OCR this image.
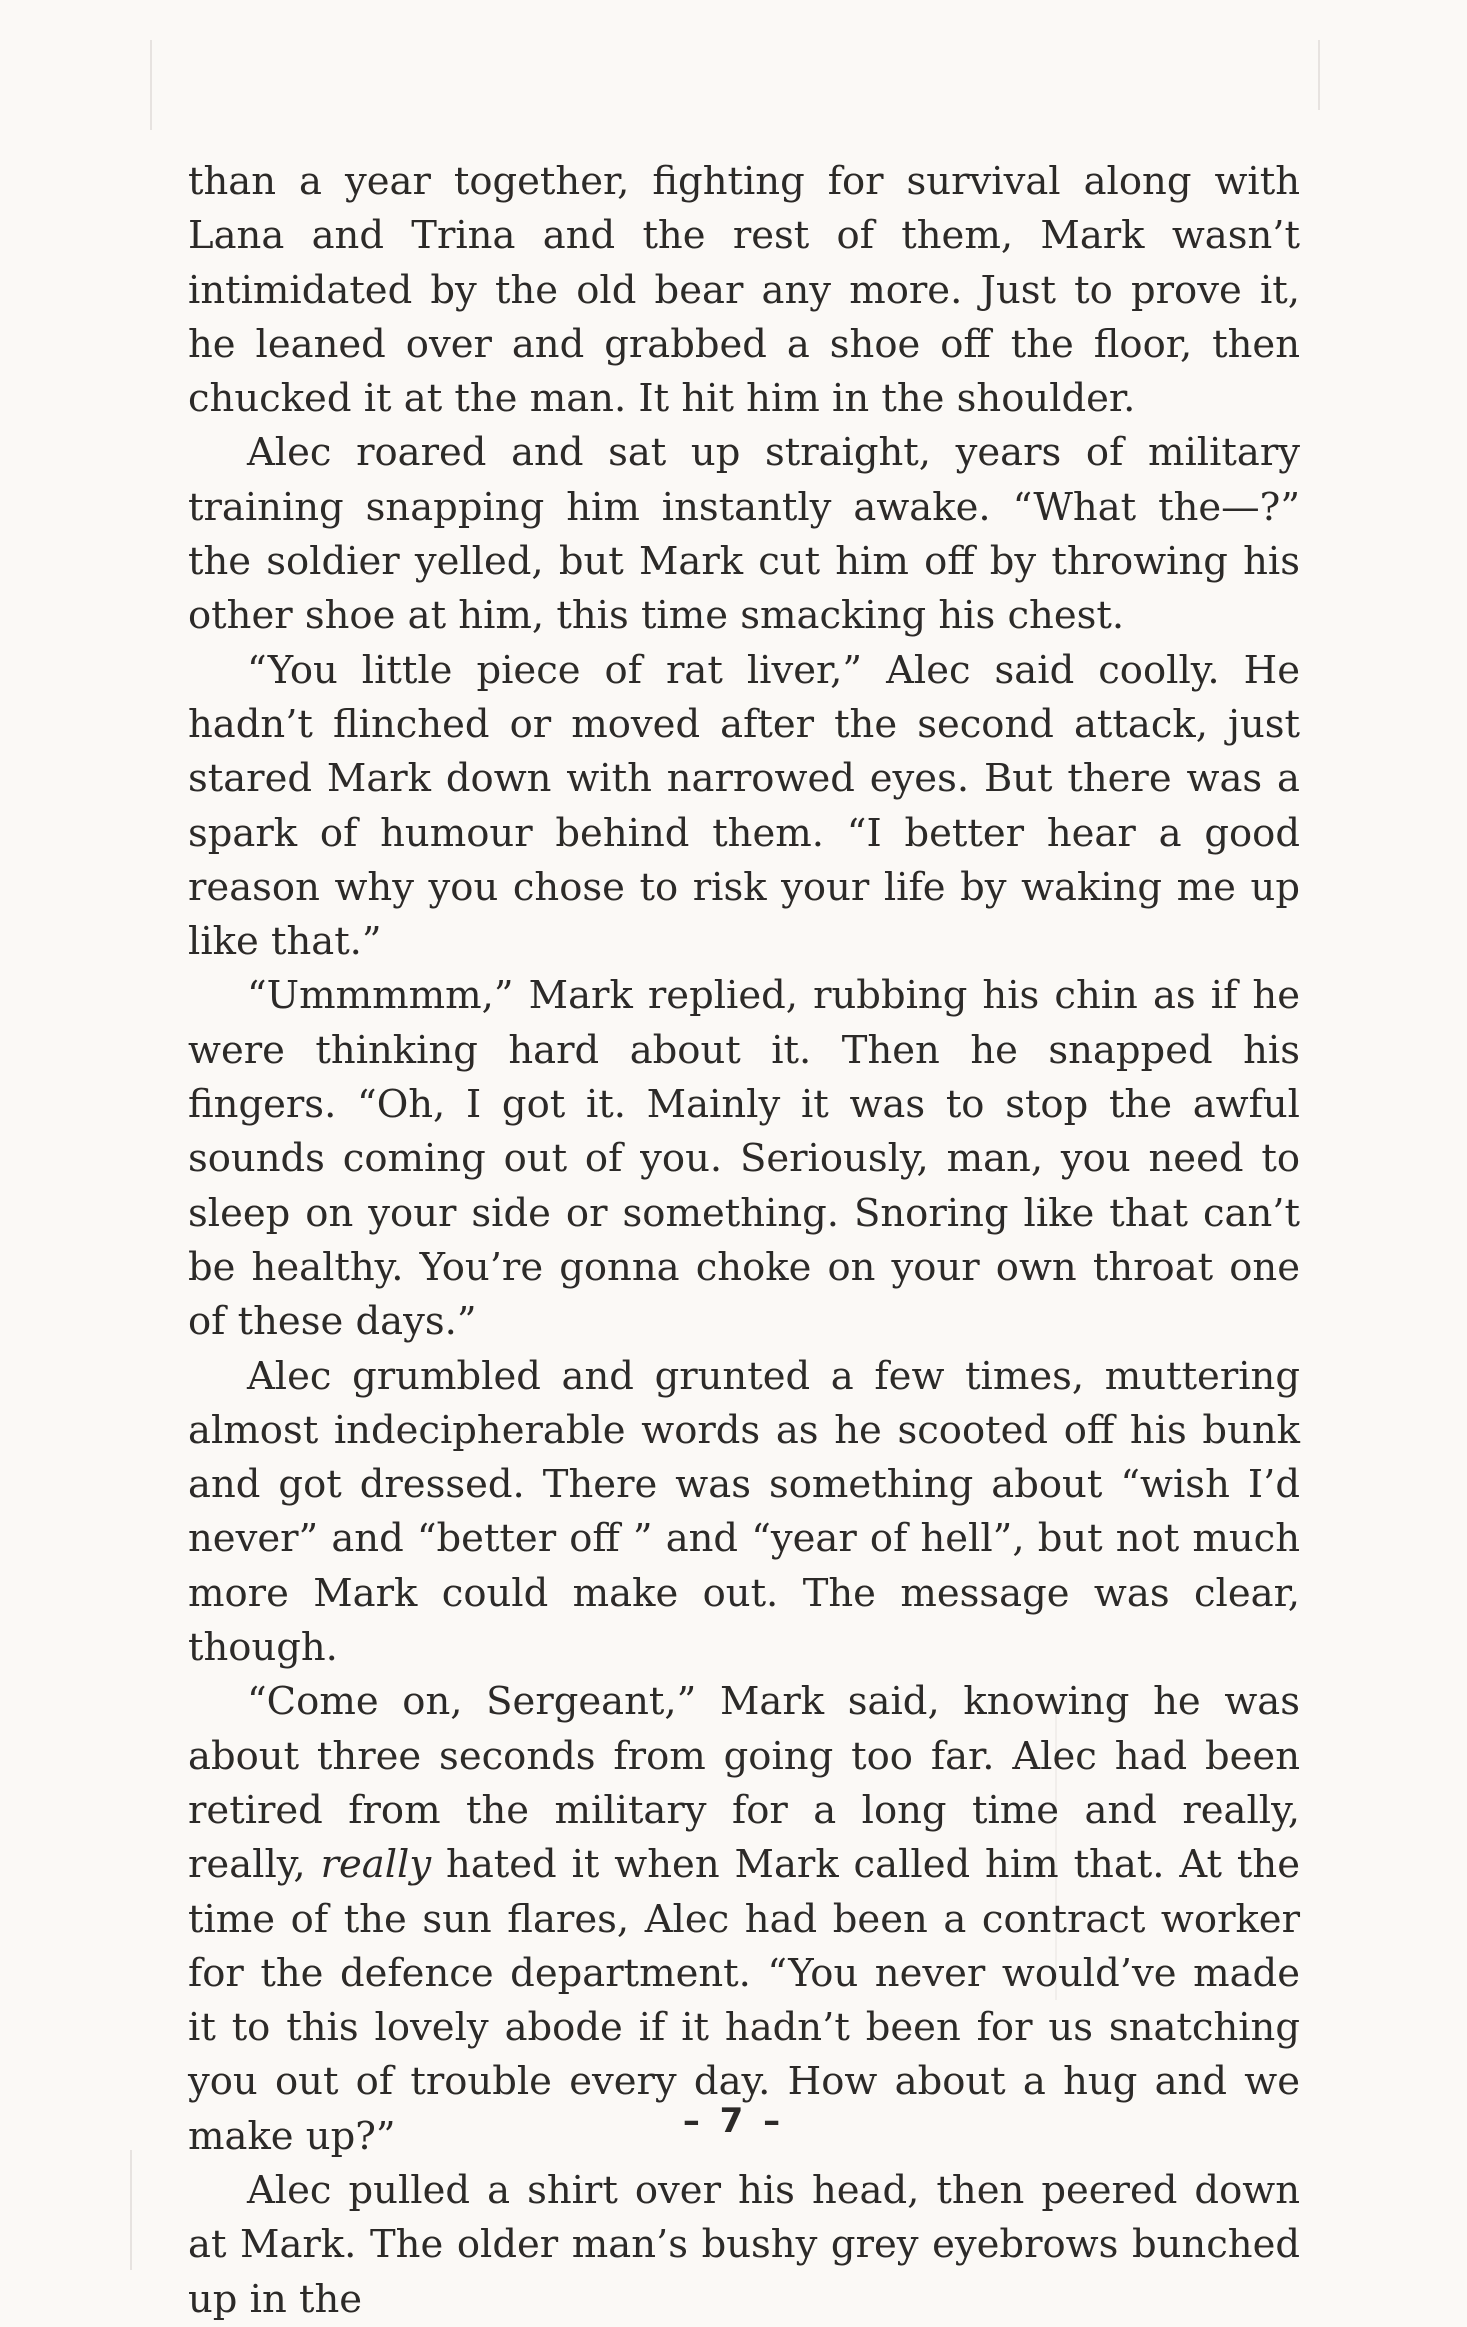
than a year together, fighting for survival along with Lana and Trina and the rest of them, Mark wasn’t intimidated by the old bear any more. Just to prove it, he leaned over and grabbed a shoe off the floor, then chucked it at the man. It hit him in the shoulder.

Alec roared and sat up straight, years of military training snapping him instantly awake. “What the—?” the soldier yelled, but Mark cut him off by throwing his other shoe at him, this time smacking his chest.

“You little piece of rat liver,” Alec said coolly. He hadn’t flinched or moved after the second attack, just stared Mark down with narrowed eyes. But there was a spark of humour behind them. “I better hear a good reason why you chose to risk your life by waking me up like that.”

“Ummmmm,” Mark replied, rubbing his chin as if he were thinking hard about it. Then he snapped his fingers. “Oh, I got it. Mainly it was to stop the awful sounds coming out of you. Seriously, man, you need to sleep on your side or something. Snoring like that can’t be healthy. You’re gonna choke on your own throat one of these days.”

Alec grumbled and grunted a few times, muttering almost indecipherable words as he scooted off his bunk and got dressed. There was something about “wish I’d never” and “better off ” and “year of hell”, but not much more Mark could make out. The message was clear, though.

“Come on, Sergeant,” Mark said, knowing he was about three seconds from going too far. Alec had been retired from the military for a long time and really, really, really hated it when Mark called him that. At the time of the sun flares, Alec had been a contract worker for the defence department. “You never would’ve made it to this lovely abode if it hadn’t been for us snatching you out of trouble every day. How about a hug and we make up?”

Alec pulled a shirt over his head, then peered down at Mark. The older man’s bushy grey eyebrows bunched up in the

– 7 –
